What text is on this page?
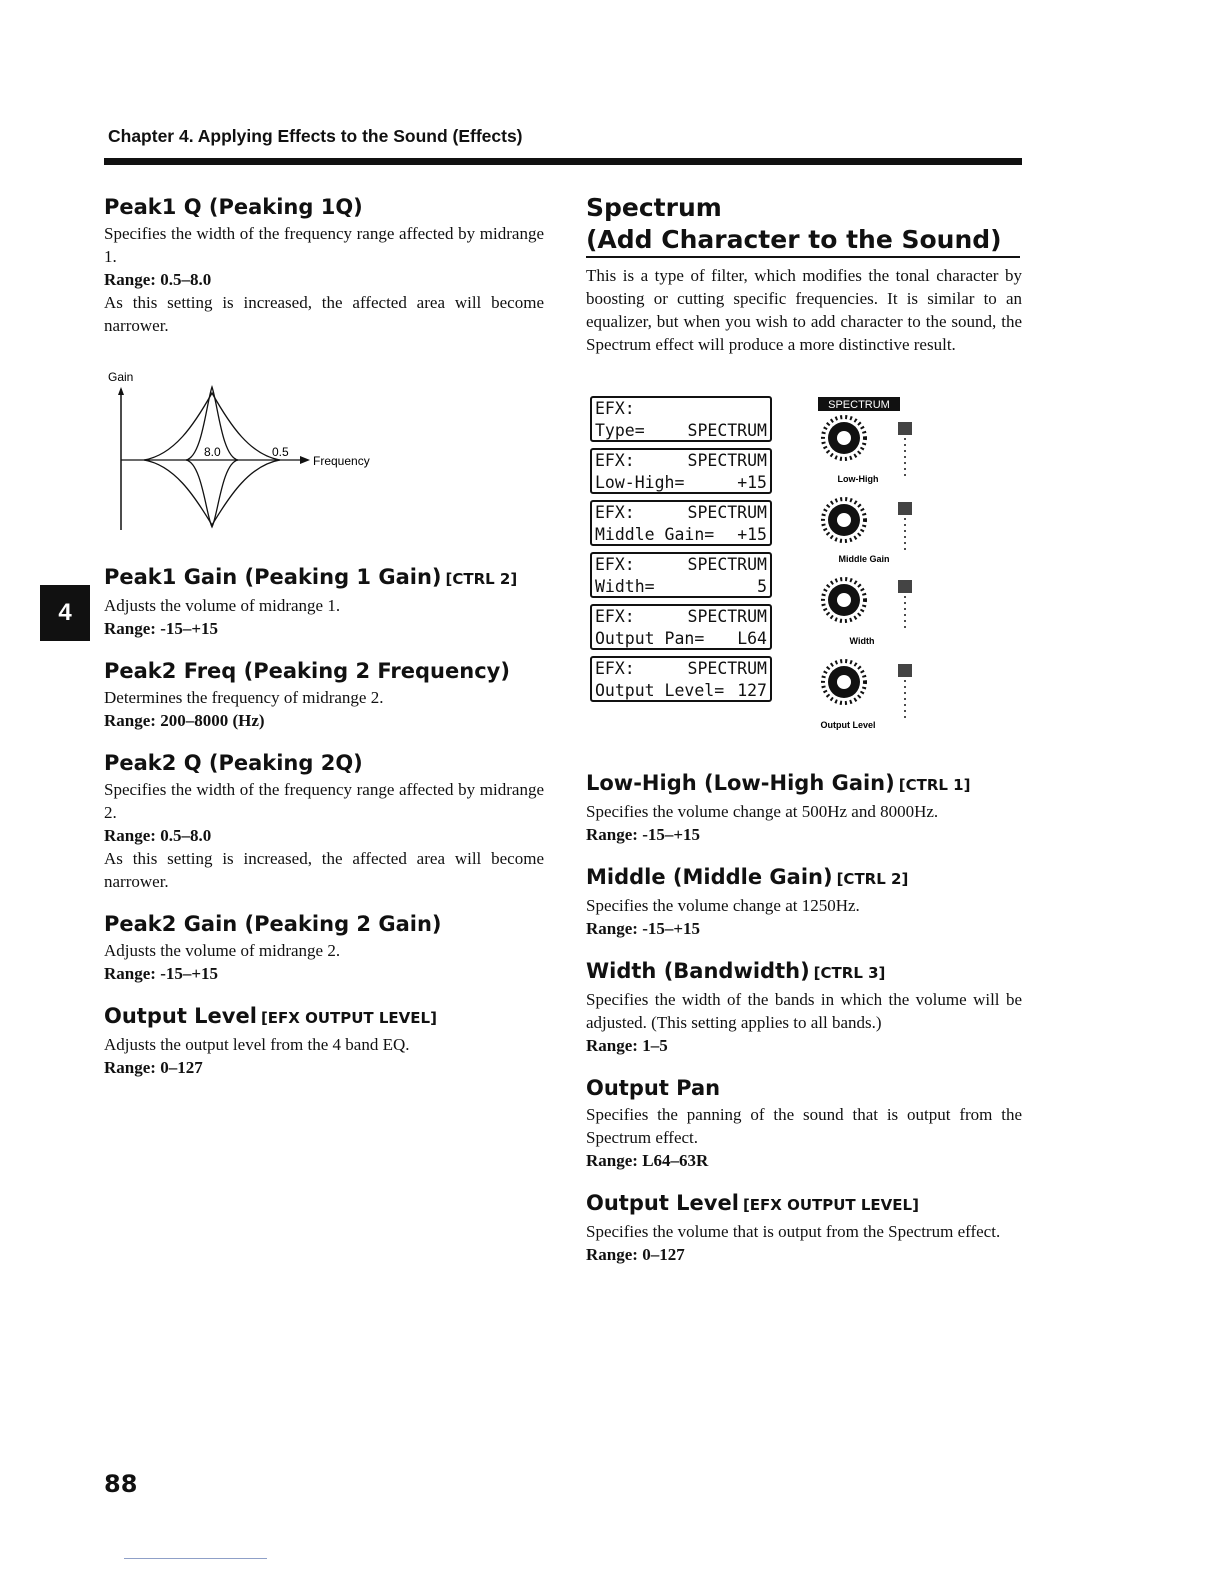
Chapter 4. Applying Effects to the Sound (Effects)
4
Peak1 Q (Peaking 1Q)

Specifies the width of the frequency range affected by midrange 1.

Range: 0.5–8.0

As this setting is increased, the affected area will become narrower.

Gain
Frequency
8.0	0.5
Peak1 Gain (Peaking 1 Gain) [CTRL 2]

Adjusts the volume of midrange 1.

Range: -15–+15

Peak2 Freq (Peaking 2 Frequency)

Determines the frequency of midrange 2.

Range: 200–8000 (Hz)

Peak2 Q (Peaking 2Q)

Specifies the width of the frequency range affected by midrange 2.

Range: 0.5–8.0

As this setting is increased, the affected area will become narrower.

Peak2 Gain (Peaking 2 Gain)

Adjusts the volume of midrange 2.

Range: -15–+15

Output Level [EFX OUTPUT LEVEL]

Adjusts the output level from the 4 band EQ.

Range: 0–127

Spectrum
(Add Character to the Sound)

This is a type of filter, which modifies the tonal character by boosting or cutting specific frequencies. It is similar to an equalizer, but when you wish to add character to the sound, the Spectrum effect will produce a more distinctive result.

EFX:
Type=	SPECTRUM
EFX:	SPECTRUM
Low-High=	+15
EFX:	SPECTRUM
Middle Gain= +15
EFX:	SPECTRUM
Width=	5
EFX:	SPECTRUM
Output Pan= L64
EFX:	SPECTRUM
Output Level= 127
SPECTRUM
Low-High
Middle Gain
Width
Output Level
Low-High (Low-High Gain) [CTRL 1]

Specifies the volume change at 500Hz and 8000Hz.

Range: -15–+15

Middle (Middle Gain) [CTRL 2]

Specifies the volume change at 1250Hz.

Range: -15–+15

Width (Bandwidth) [CTRL 3]

Specifies the width of the bands in which the volume will be adjusted. (This setting applies to all bands.)

Range: 1–5

Output Pan

Specifies the panning of the sound that is output from the Spectrum effect.

Range: L64–63R

Output Level [EFX OUTPUT LEVEL]

Specifies the volume that is output from the Spectrum effect.

Range: 0–127

88
